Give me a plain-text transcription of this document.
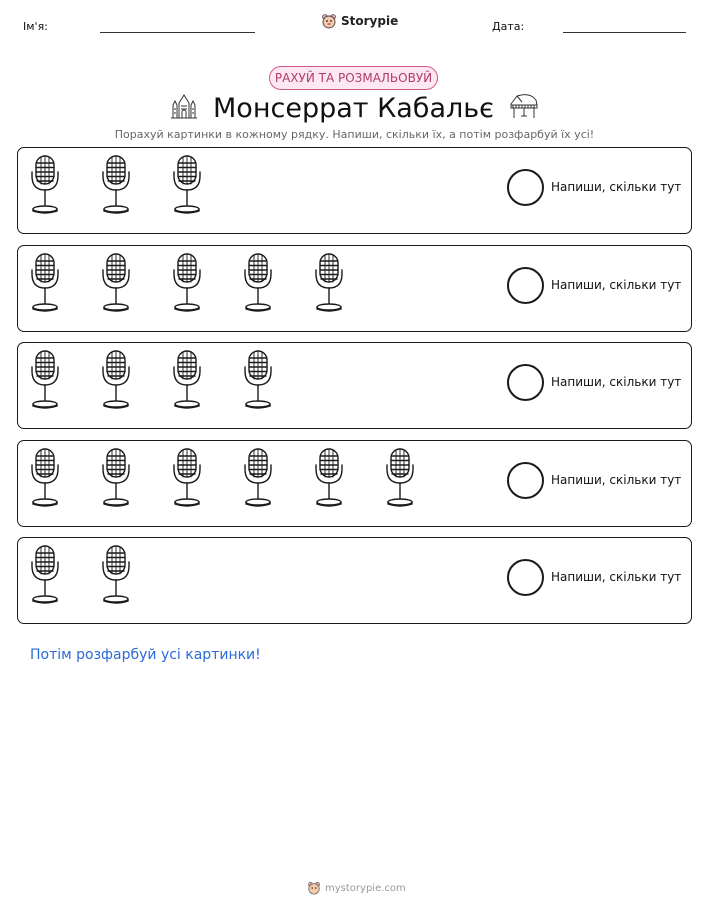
Ім'я:	Storypie	Дата:
РАХУЙ ТА РОЗМАЛЬОВУЙ
Монсеррат Кабальє
Порахуй картинки в кожному рядку. Напиши, скільки їх, а потім розфарбуй їх усі!
Напиши, скільки тут
Напиши, скільки тут
Напиши, скільки тут
Напиши, скільки тут
Напиши, скільки тут
Потім розфарбуй усі картинки!
mystorypie.com
